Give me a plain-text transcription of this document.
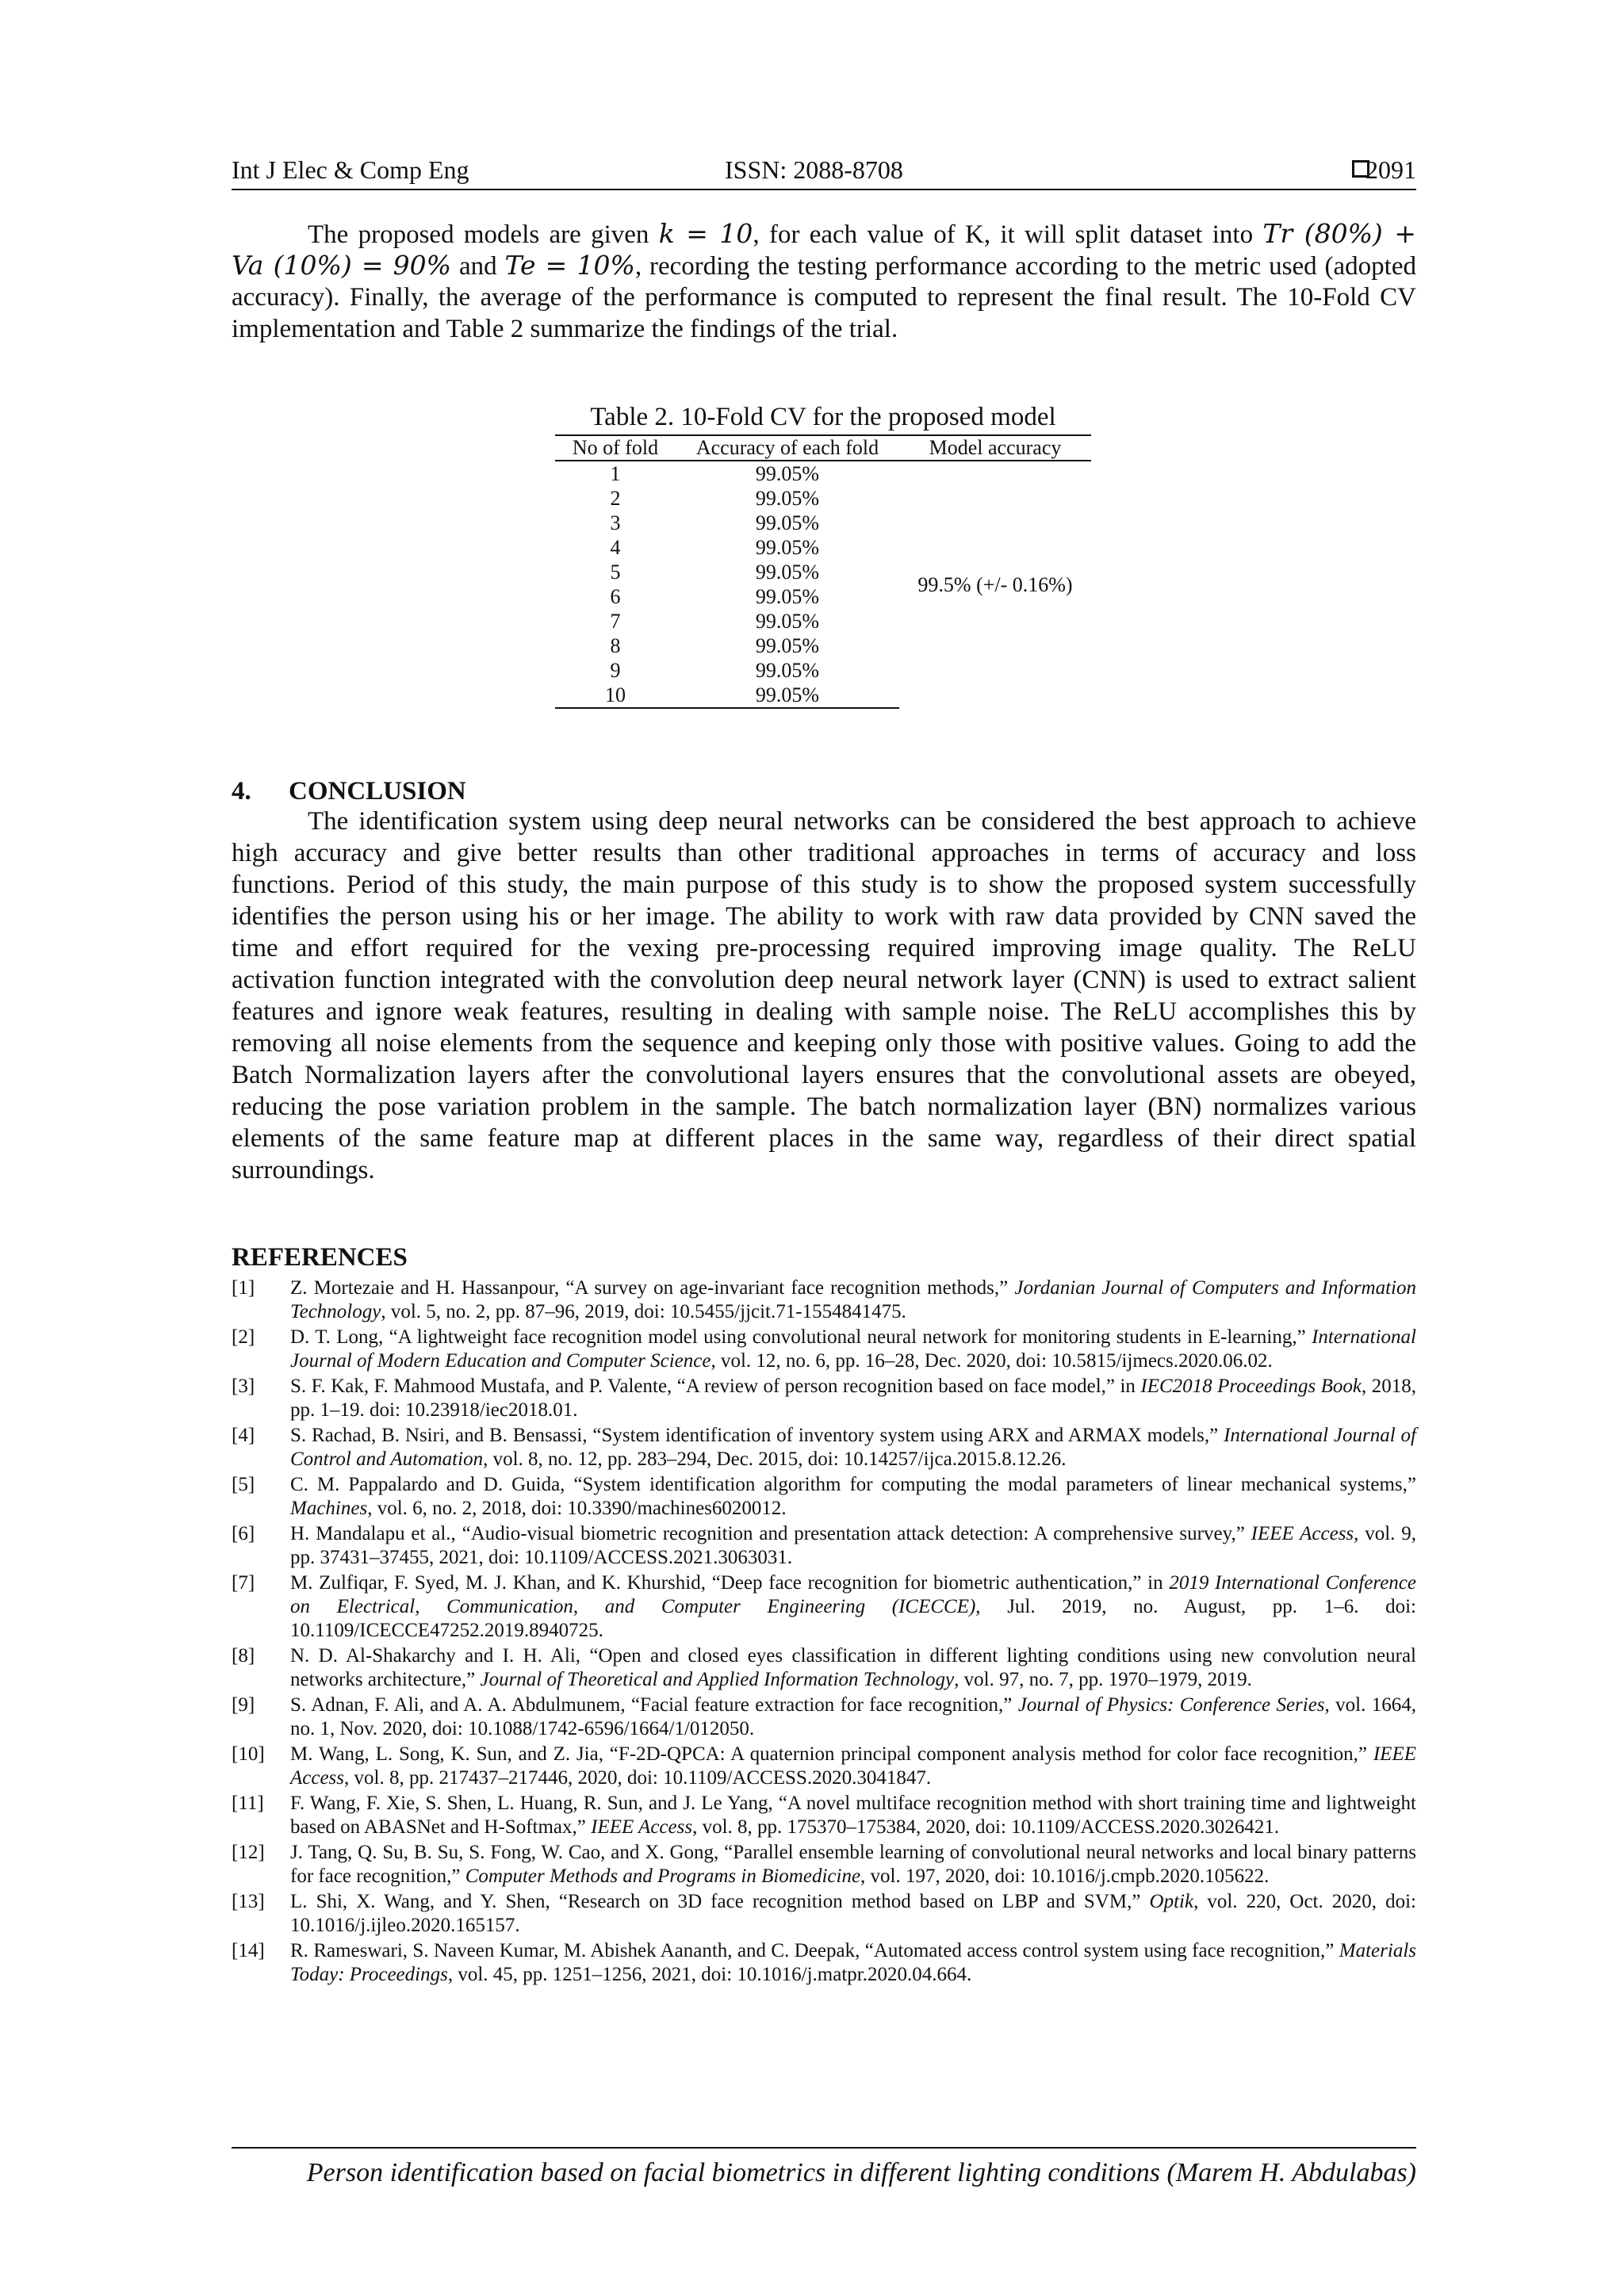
Int J Elec & Comp Eng	ISSN: 2088-8708	2091
The proposed models are given k = 10, for each value of K, it will split dataset into Tr (80%) +
Va (10%) = 90% and Te = 10%, recording the testing performance according to the metric used (adopted
accuracy). Finally, the average of the performance is computed to represent the final result. The 10-Fold CV
implementation and Table 2 summarize the findings of the trial.
Table 2. 10-Fold CV for the proposed model
No of fold	Accuracy of each fold	Model accuracy
1	99.05%	99.5% (+/- 0.16%)
2	99.05%	
3	99.05%	
4	99.05%	
5	99.05%	
6	99.05%	
7	99.05%	
8	99.05%	
9	99.05%	
10	99.05%	
4. CONCLUSION
The identification system using deep neural networks can be considered the best approach to achieve
high accuracy and give better results than other traditional approaches in terms of accuracy and loss
functions. Period of this study, the main purpose of this study is to show the proposed system successfully
identifies the person using his or her image. The ability to work with raw data provided by CNN saved the
time and effort required for the vexing pre-processing required improving image quality. The ReLU
activation function integrated with the convolution deep neural network layer (CNN) is used to extract salient
features and ignore weak features, resulting in dealing with sample noise. The ReLU accomplishes this by
removing all noise elements from the sequence and keeping only those with positive values. Going to add the
Batch Normalization layers after the convolutional layers ensures that the convolutional assets are obeyed,
reducing the pose variation problem in the sample. The batch normalization layer (BN) normalizes various
elements of the same feature map at different places in the same way, regardless of their direct spatial
surroundings.
REFERENCES
[1] Z. Mortezaie and H. Hassanpour, “A survey on age-invariant face recognition methods,” Jordanian Journal of Computers and Information Technology, vol. 5, no. 2, pp. 87–96, 2019, doi: 10.5455/jjcit.71-1554841475.
[2] D. T. Long, “A lightweight face recognition model using convolutional neural network for monitoring students in E-learning,” International Journal of Modern Education and Computer Science, vol. 12, no. 6, pp. 16–28, Dec. 2020, doi: 10.5815/ijmecs.2020.06.02.
[3] S. F. Kak, F. Mahmood Mustafa, and P. Valente, “A review of person recognition based on face model,” in IEC2018 Proceedings Book, 2018, pp. 1–19. doi: 10.23918/iec2018.01.
[4] S. Rachad, B. Nsiri, and B. Bensassi, “System identification of inventory system using ARX and ARMAX models,” International Journal of Control and Automation, vol. 8, no. 12, pp. 283–294, Dec. 2015, doi: 10.14257/ijca.2015.8.12.26.
[5] C. M. Pappalardo and D. Guida, “System identification algorithm for computing the modal parameters of linear mechanical systems,” Machines, vol. 6, no. 2, 2018, doi: 10.3390/machines6020012.
[6] H. Mandalapu et al., “Audio-visual biometric recognition and presentation attack detection: A comprehensive survey,” IEEE Access, vol. 9, pp. 37431–37455, 2021, doi: 10.1109/ACCESS.2021.3063031.
[7] M. Zulfiqar, F. Syed, M. J. Khan, and K. Khurshid, “Deep face recognition for biometric authentication,” in 2019 International Conference on Electrical, Communication, and Computer Engineering (ICECCE), Jul. 2019, no. August, pp. 1–6. doi: 10.1109/ICECCE47252.2019.8940725.
[8] N. D. Al-Shakarchy and I. H. Ali, “Open and closed eyes classification in different lighting conditions using new convolution neural networks architecture,” Journal of Theoretical and Applied Information Technology, vol. 97, no. 7, pp. 1970–1979, 2019.
[9] S. Adnan, F. Ali, and A. A. Abdulmunem, “Facial feature extraction for face recognition,” Journal of Physics: Conference Series, vol. 1664, no. 1, Nov. 2020, doi: 10.1088/1742-6596/1664/1/012050.
[10] M. Wang, L. Song, K. Sun, and Z. Jia, “F-2D-QPCA: A quaternion principal component analysis method for color face recognition,” IEEE Access, vol. 8, pp. 217437–217446, 2020, doi: 10.1109/ACCESS.2020.3041847.
[11] F. Wang, F. Xie, S. Shen, L. Huang, R. Sun, and J. Le Yang, “A novel multiface recognition method with short training time and lightweight based on ABASNet and H-Softmax,” IEEE Access, vol. 8, pp. 175370–175384, 2020, doi: 10.1109/ACCESS.2020.3026421.
[12] J. Tang, Q. Su, B. Su, S. Fong, W. Cao, and X. Gong, “Parallel ensemble learning of convolutional neural networks and local binary patterns for face recognition,” Computer Methods and Programs in Biomedicine, vol. 197, 2020, doi: 10.1016/j.cmpb.2020.105622.
[13] L. Shi, X. Wang, and Y. Shen, “Research on 3D face recognition method based on LBP and SVM,” Optik, vol. 220, Oct. 2020, doi: 10.1016/j.ijleo.2020.165157.
[14] R. Rameswari, S. Naveen Kumar, M. Abishek Aananth, and C. Deepak, “Automated access control system using face recognition,” Materials Today: Proceedings, vol. 45, pp. 1251–1256, 2021, doi: 10.1016/j.matpr.2020.04.664.
Person identification based on facial biometrics in different lighting conditions (Marem H. Abdulabas)
